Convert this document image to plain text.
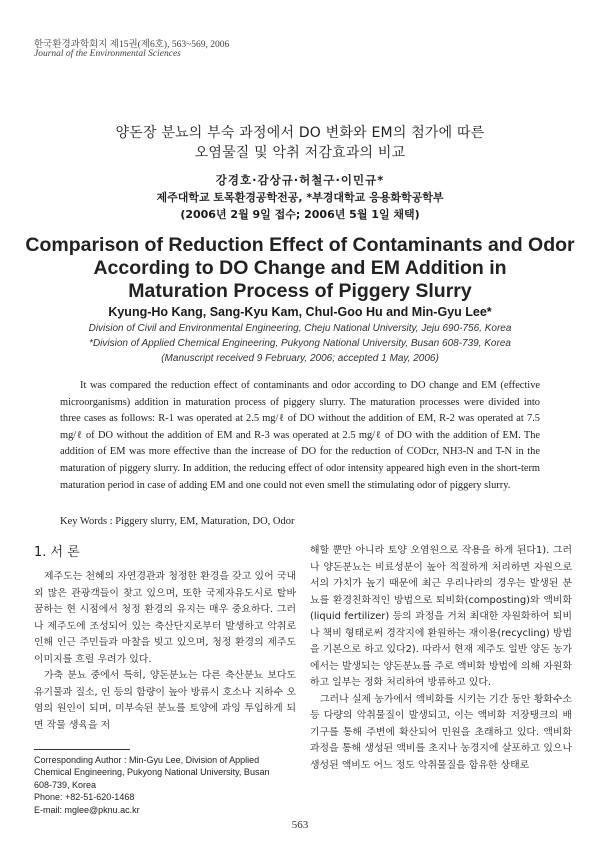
한국환경과학회지 제15권(제6호), 563~569, 2006
Journal of the Environmental Sciences
양돈장 분뇨의 부숙 과정에서 DO 변화와 EM의 첨가에 따른
오염물질 및 악취 저감효과의 비교
강경호·감상규·허철구·이민규*
제주대학교 토목환경공학전공, *부경대학교 응용화학공학부
(2006년 2월 9일 접수; 2006년 5월 1일 채택)
Comparison of Reduction Effect of Contaminants and Odor
According to DO Change and EM Addition in
Maturation Process of Piggery Slurry
Kyung-Ho Kang, Sang-Kyu Kam, Chul-Goo Hu and Min-Gyu Lee*
Division of Civil and Environmental Engineering, Cheju National University, Jeju 690-756, Korea
*Division of Applied Chemical Engineering, Pukyong National University, Busan 608-739, Korea
(Manuscript received 9 February, 2006; accepted 1 May, 2006)

It was compared the reduction effect of contaminants and odor according to DO change and EM (effective microorganisms) addition in maturation process of piggery slurry. The maturation processes were divided into three cases as follows: R-1 was operated at 2.5 mg/ℓ of DO without the addition of EM, R-2 was operated at 7.5 mg/ℓ of DO without the addition of EM and R-3 was operated at 2.5 mg/ℓ of DO with the addition of EM. The addition of EM was more effective than the increase of DO for the reduction of CODcr, NH3-N and T-N in the maturation of piggery slurry. In addition, the reducing effect of odor intensity appeared high even in the short-term maturation period in case of adding EM and one could not even smell the stimulating odor of piggery slurry.

Key Words : Piggery slurry, EM, Maturation, DO, Odor
1. 서 론

제주도는 천혜의 자연경관과 청정한 환경을 갖고 있어 국내외 많은 관광객들이 찾고 있으며, 또한 국제자유도시로 탈바꿈하는 현 시점에서 청정 환경의 유지는 매우 중요하다. 그러나 제주도에 조성되어 있는 축산단지로부터 발생하고 악취로 인해 인근 주민들과 마찰을 빚고 있으며, 청정 환경의 제주도 이미지를 흐릴 우려가 있다.

가축 분뇨 중에서 특히, 양돈분뇨는 다른 축산분뇨 보다도 유기물과 질소, 인 등의 함량이 높아 방류시 호소나 지하수 오염의 원인이 되며, 미부숙된 분뇨를 토양에 과잉 투입하게 되면 작물 생육을 저

해할 뿐만 아니라 토양 오염원으로 작용을 하게 된다1). 그러나 양돈분뇨는 비료성분이 높아 적절하게 처리하면 자원으로서의 가치가 높기 때문에 최근 우리나라의 경우는 발생된 분뇨를 환경친화적인 방법으로 퇴비화(composting)와 액비화(liquid fertilizer) 등의 과정을 거쳐 최대한 자원화하여 퇴비나 책비 형태로써 경작지에 환원하는 재이용(recycling) 방법을 기본으로 하고 있다2). 따라서 현재 제주도 일반 양돈 농가에서는 발생되는 양돈분뇨를 주로 액비화 방법에 의해 자원화하고 일부는 정화 처리하여 방류하고 있다.

그러나 실제 농가에서 액비화를 시키는 기간 동안 황화수소 등 다량의 악취물질이 발생되고, 이는 액비화 저장탱크의 배기구를 통해 주변에 확산되어 민원을 초래하고 있다. 액비화 과정을 통해 생성된 액비를 초지나 농경지에 살포하고 있으나 생성된 액비도 어느 정도 악취물질을 함유한 상태로

Corresponding Author : Min-Gyu Lee, Division of Applied
Chemical Engineering, Pukyong National University, Busan
608-739, Korea
Phone: +82-51-620-1468
E-mail: mglee@pknu.ac.kr
563
